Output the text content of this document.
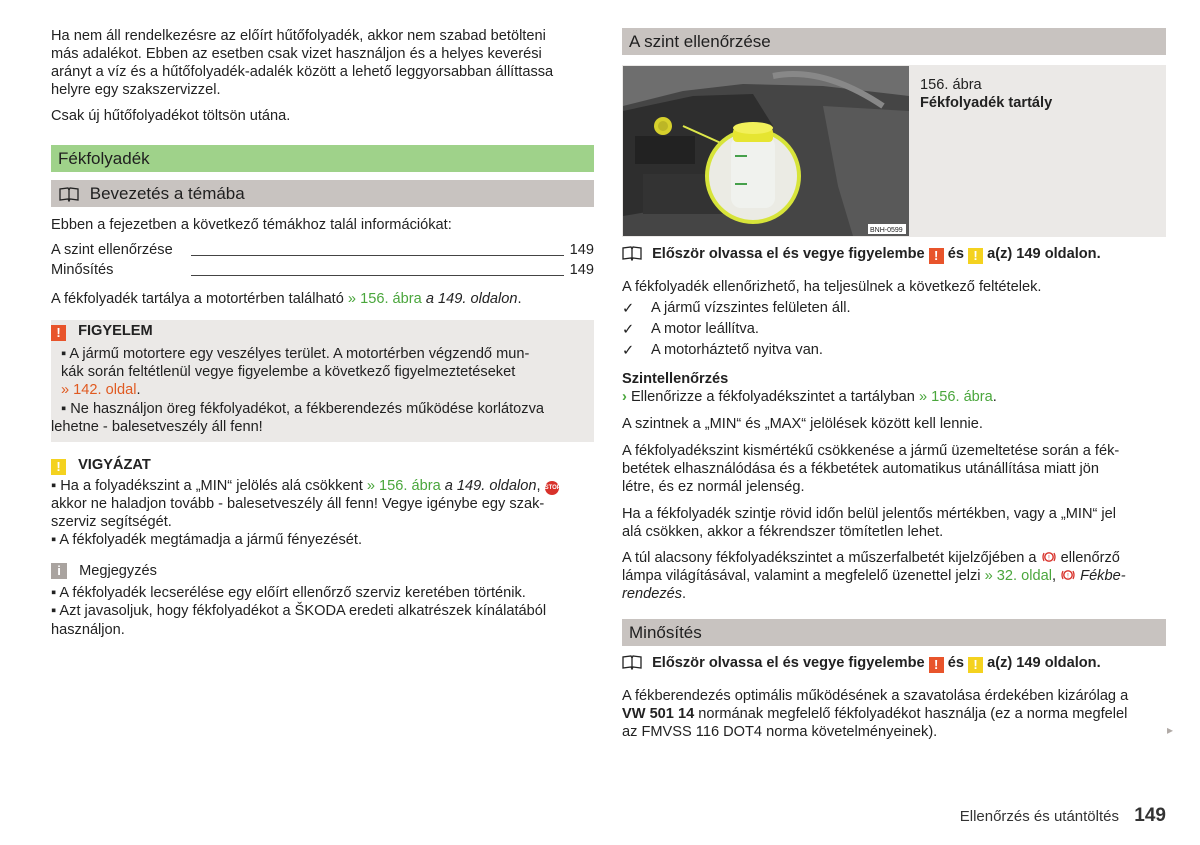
Ha nem áll rendelkezésre az előírt hűtőfolyadék, akkor nem szabad betölteni

más adalékot. Ebben az esetben csak vizet használjon és a helyes keverési

arányt a víz és a hűtőfolyadék-adalék között a lehető leggyorsabban állíttassa

helyre egy szakszervizzel.

Csak új hűtőfolyadékot töltsön utána.

Fékfolyadék
Bevezetés a témába

Ebben a fejezetben a következő témákhoz talál információkat:

A szint ellenőrzése	149
Minősítés	149

A fékfolyadék tartálya a motortérben található » 156. ábra a 149. oldalon.

! FIGYELEM

▪ A jármű motortere egy veszélyes terület. A motortérben végzendő mun-

kák során feltétlenül vegye figyelembe a következő figyelmeztetéseket

» 142. oldal.

▪ Ne használjon öreg fékfolyadékot, a fékberendezés működése korlátozva

lehetne - balesetveszély áll fenn!

! VIGYÁZAT

▪ Ha a folyadékszint a „MIN“ jelölés alá csökkent » 156. ábra a 149. oldalon, STOP

akkor ne haladjon tovább - balesetveszély áll fenn! Vegye igénybe egy szak-

szerviz segítségét.

▪ A fékfolyadék megtámadja a jármű fényezését.

i Megjegyzés

▪ A fékfolyadék lecserélése egy előírt ellenőrző szerviz keretében történik.

▪ Azt javasoljuk, hogy fékfolyadékot a ŠKODA eredeti alkatrészek kínálatából

használjon.

A szint ellenőrzése
BNH-0599

156. ábra

Fékfolyadék tartály

Először olvassa el és vegye figyelembe ! és ! a(z) 149 oldalon.

A fékfolyadék ellenőrizhető, ha teljesülnek a következő feltételek.

✓ A jármű vízszintes felületen áll.
✓ A motor leállítva.
✓ A motorháztető nyitva van.

Szintellenőrzés

› Ellenőrizze a fékfolyadékszintet a tartályban » 156. ábra.

A szintnek a „MIN“ és „MAX“ jelölések között kell lennie.

A fékfolyadékszint kismértékű csökkenése a jármű üzemeltetése során a fék-

betétek elhasználódása és a fékbetétek automatikus utánállítása miatt jön

létre, és ez normál jelenség.

Ha a fékfolyadék szintje rövid időn belül jelentős mértékben, vagy a „MIN“ jel

alá csökken, akkor a fékrendszer tömítetlen lehet.

A túl alacsony fékfolyadékszintet a műszerfalbetét kijelzőjében a ! ellenőrző

lámpa világításával, valamint a megfelelő üzenettel jelzi » 32. oldal, ! Fékbe-

rendezés.

Minősítés

Először olvassa el és vegye figyelembe ! és ! a(z) 149 oldalon.

A fékberendezés optimális működésének a szavatolása érdekében kizárólag a

VW 501 14 normának megfelelő fékfolyadékot használja (ez a norma megfelel

az FMVSS 116 DOT4 norma követelményeinek).	▸
Ellenőrzés és utántöltés 149
